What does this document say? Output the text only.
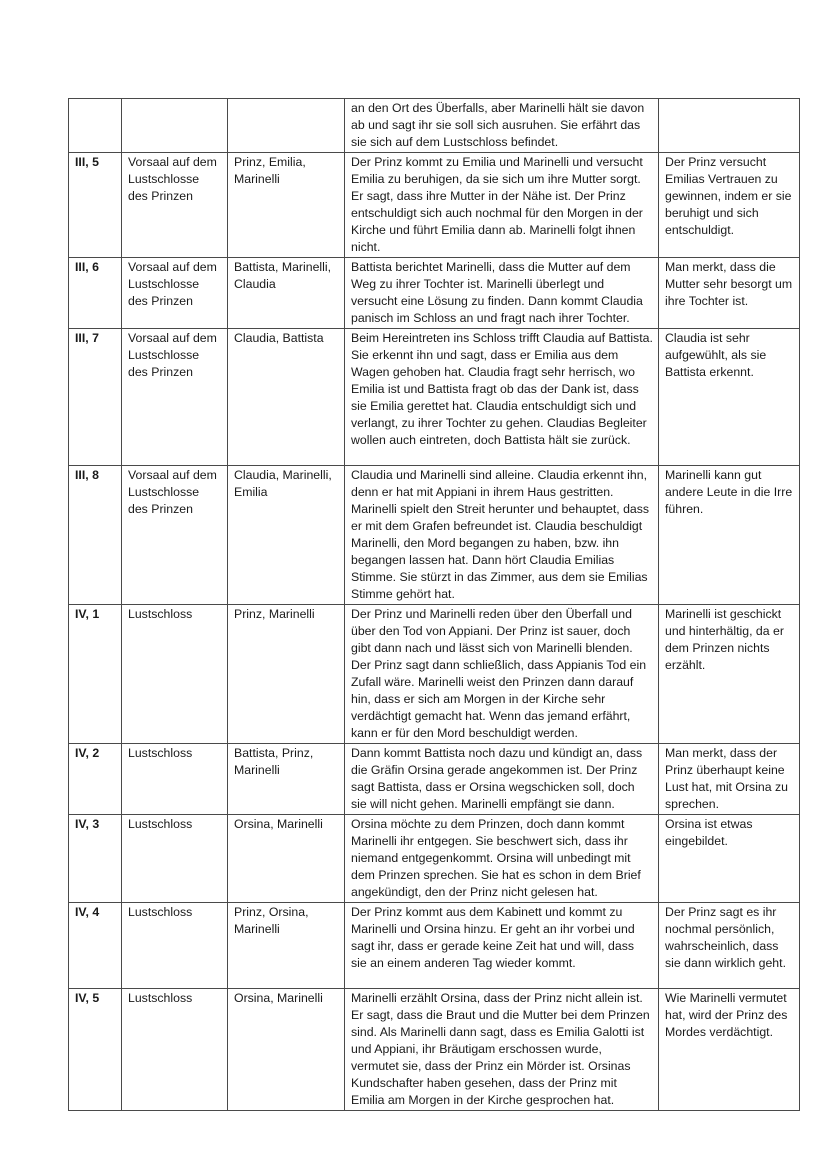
			an den Ort des Überfalls, aber Marinelli hält sie davon ab und sagt ihr sie soll sich ausruhen. Sie erfährt das sie sich auf dem Lustschloss befindet.	
III, 5	Vorsaal auf dem Lustschlosse des Prinzen	Prinz, Emilia, Marinelli	Der Prinz kommt zu Emilia und Marinelli und versucht Emilia zu beruhigen, da sie sich um ihre Mutter sorgt. Er sagt, dass ihre Mutter in der Nähe ist. Der Prinz entschuldigt sich auch nochmal für den Morgen in der Kirche und führt Emilia dann ab. Marinelli folgt ihnen nicht.	Der Prinz versucht Emilias Vertrauen zu gewinnen, indem er sie beruhigt und sich entschuldigt.
III, 6	Vorsaal auf dem Lustschlosse des Prinzen	Battista, Marinelli, Claudia	Battista berichtet Marinelli, dass die Mutter auf dem Weg zu ihrer Tochter ist. Marinelli überlegt und versucht eine Lösung zu finden. Dann kommt Claudia panisch im Schloss an und fragt nach ihrer Tochter.	Man merkt, dass die Mutter sehr besorgt um ihre Tochter ist.
III, 7	Vorsaal auf dem Lustschlosse des Prinzen	Claudia, Battista	Beim Hereintreten ins Schloss trifft Claudia auf Battista. Sie erkennt ihn und sagt, dass er Emilia aus dem Wagen gehoben hat. Claudia fragt sehr herrisch, wo Emilia ist und Battista fragt ob das der Dank ist, dass sie Emilia gerettet hat. Claudia entschuldigt sich und verlangt, zu ihrer Tochter zu gehen. Claudias Begleiter wollen auch eintreten, doch Battista hält sie zurück.	Claudia ist sehr aufgewühlt, als sie Battista erkennt.
III, 8	Vorsaal auf dem Lustschlosse des Prinzen	Claudia, Marinelli, Emilia	Claudia und Marinelli sind alleine. Claudia erkennt ihn, denn er hat mit Appiani in ihrem Haus gestritten. Marinelli spielt den Streit herunter und behauptet, dass er mit dem Grafen befreundet ist. Claudia beschuldigt Marinelli, den Mord begangen zu haben, bzw. ihn begangen lassen hat. Dann hört Claudia Emilias Stimme. Sie stürzt in das Zimmer, aus dem sie Emilias Stimme gehört hat.	Marinelli kann gut andere Leute in die Irre führen.
IV, 1	Lustschloss	Prinz, Marinelli	Der Prinz und Marinelli reden über den Überfall und über den Tod von Appiani. Der Prinz ist sauer, doch gibt dann nach und lässt sich von Marinelli blenden. Der Prinz sagt dann schließlich, dass Appianis Tod ein Zufall wäre. Marinelli weist den Prinzen dann darauf hin, dass er sich am Morgen in der Kirche sehr verdächtigt gemacht hat. Wenn das jemand erfährt, kann er für den Mord beschuldigt werden.	Marinelli ist geschickt und hinterhältig, da er dem Prinzen nichts erzählt.
IV, 2	Lustschloss	Battista, Prinz, Marinelli	Dann kommt Battista noch dazu und kündigt an, dass die Gräfin Orsina gerade angekommen ist. Der Prinz sagt Battista, dass er Orsina wegschicken soll, doch sie will nicht gehen. Marinelli empfängt sie dann.	Man merkt, dass der Prinz überhaupt keine Lust hat, mit Orsina zu sprechen.
IV, 3	Lustschloss	Orsina, Marinelli	Orsina möchte zu dem Prinzen, doch dann kommt Marinelli ihr entgegen. Sie beschwert sich, dass ihr niemand entgegenkommt. Orsina will unbedingt mit dem Prinzen sprechen. Sie hat es schon in dem Brief angekündigt, den der Prinz nicht gelesen hat.	Orsina ist etwas eingebildet.
IV, 4	Lustschloss	Prinz, Orsina, Marinelli	Der Prinz kommt aus dem Kabinett und kommt zu Marinelli und Orsina hinzu. Er geht an ihr vorbei und sagt ihr, dass er gerade keine Zeit hat und will, dass sie an einem anderen Tag wieder kommt.	Der Prinz sagt es ihr nochmal persönlich, wahrscheinlich, dass sie dann wirklich geht.
IV, 5	Lustschloss	Orsina, Marinelli	Marinelli erzählt Orsina, dass der Prinz nicht allein ist. Er sagt, dass die Braut und die Mutter bei dem Prinzen sind. Als Marinelli dann sagt, dass es Emilia Galotti ist und Appiani, ihr Bräutigam erschossen wurde, vermutet sie, dass der Prinz ein Mörder ist. Orsinas Kundschafter haben gesehen, dass der Prinz mit Emilia am Morgen in der Kirche gesprochen hat.	Wie Marinelli vermutet hat, wird der Prinz des Mordes verdächtigt.
